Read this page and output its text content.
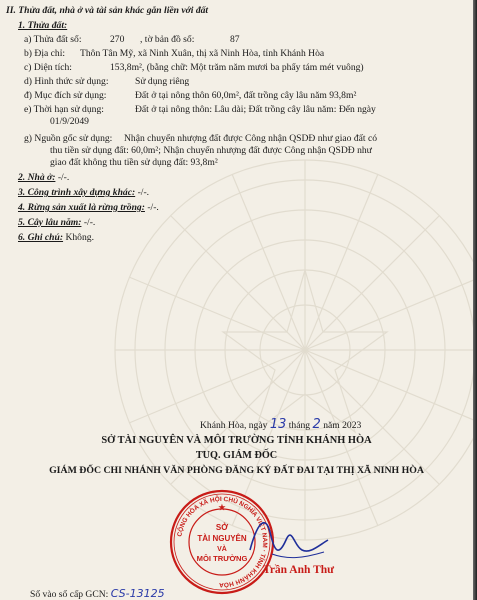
II. Thửa đất, nhà ở và tài sản khác gắn liền với đất
1. Thửa đất:
a) Thửa đất số:	270 , tờ bản đồ số:	87
b) Địa chỉ: Thôn Tân Mỹ, xã Ninh Xuân, thị xã Ninh Hòa, tỉnh Khánh Hòa
c) Diện tích:	153,8m², (bằng chữ: Một trăm năm mươi ba phẩy tám mét vuông)
d) Hình thức sử dụng:	Sử dụng riêng
đ) Mục đích sử dụng:	Đất ở tại nông thôn 60,0m², đất trồng cây lâu năm 93,8m²
e) Thời hạn sử dụng:	Đất ở tại nông thôn: Lâu dài; Đất trồng cây lâu năm: Đến ngày
01/9/2049
g) Nguồn gốc sử dụng: Nhận chuyển nhượng đất được Công nhận QSDĐ như giao đất có
thu tiền sử dụng đất: 60,0m²; Nhận chuyển nhượng đất được Công nhận QSDĐ như
giao đất không thu tiền sử dụng đất: 93,8m²
2. Nhà ở: -/-.
3. Công trình xây dựng khác: -/-.
4. Rừng sản xuất là rừng trồng: -/-.
5. Cây lâu năm: -/-.
6. Ghi chú: Không.
Khánh Hòa, ngày 13 tháng 2 năm 2023
SỞ TÀI NGUYÊN VÀ MÔI TRƯỜNG TỈNH KHÁNH HÒA
TUQ. GIÁM ĐỐC
GIÁM ĐỐC CHI NHÁNH VĂN PHÒNG ĐĂNG KÝ ĐẤT ĐAI TẠI THỊ XÃ NINH HÒA
CỘNG HÒA XÃ HỘI CHỦ NGHĨA VIỆT NAM · TỈNH KHÁNH HÒA
SỞ
TÀI NGUYÊN
VÀ
MÔI TRƯỜNG
★
Trần Anh Thư
Số vào sổ cấp GCN: CS-13125
